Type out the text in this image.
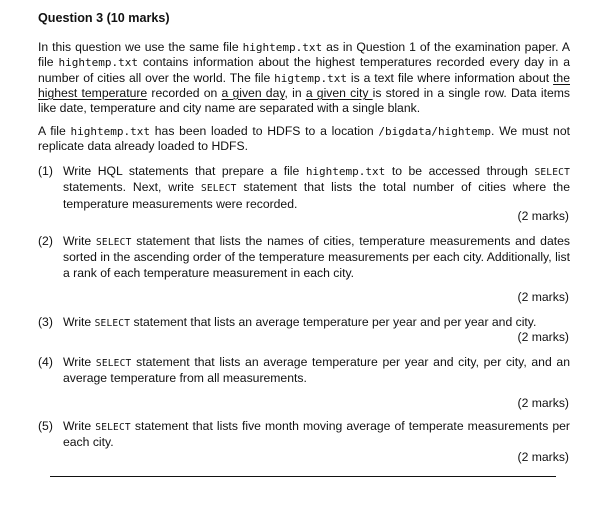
Question 3 (10 marks)
In this question we use the same file hightemp.txt as in Question 1 of the examination paper. A file hightemp.txt contains information about the highest temperatures recorded every day in a number of cities all over the world. The file higtemp.txt is a text file where information about the highest temperature recorded on a given day, in a given city is stored in a single row. Data items like date, temperature and city name are separated with a single blank.
A file hightemp.txt has been loaded to HDFS to a location /bigdata/hightemp. We must not replicate data already loaded to HDFS.
(1) Write HQL statements that prepare a file hightemp.txt to be accessed through SELECT statements. Next, write SELECT statement that lists the total number of cities where the temperature measurements were recorded.
(2 marks)
(2) Write SELECT statement that lists the names of cities, temperature measurements and dates sorted in the ascending order of the temperature measurements per each city. Additionally, list a rank of each temperature measurement in each city.
(2 marks)
(3) Write SELECT statement that lists an average temperature per year and per year and city.
(2 marks)
(4) Write SELECT statement that lists an average temperature per year and city, per city, and an average temperature from all measurements.
(2 marks)
(5) Write SELECT statement that lists five month moving average of temperate measurements per each city.
(2 marks)
